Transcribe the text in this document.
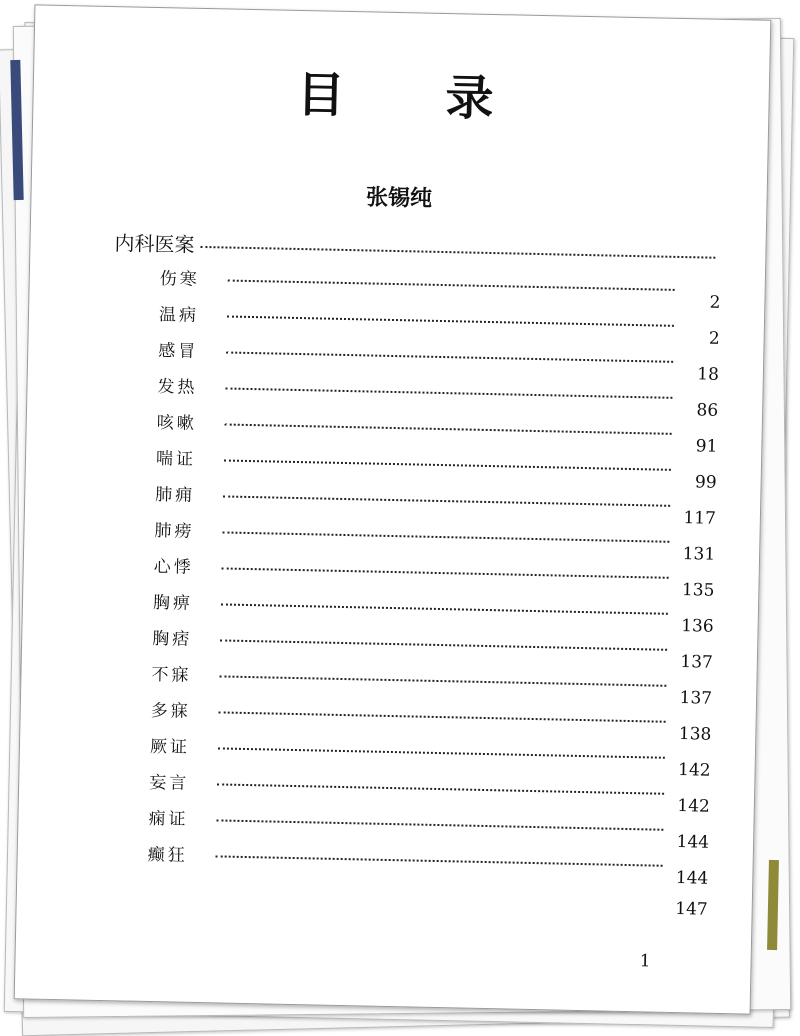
目 录
张锡纯
内科医案
伤寒
2
温病
2
感冒
18
发热
86
咳嗽
91
喘证
99
肺痈
117
肺痨
131
心悸
135
胸痹
136
胸痞
137
不寐
137
多寐
138
厥证
142
妄言
142
痫证
144
癫狂
144
147
1
